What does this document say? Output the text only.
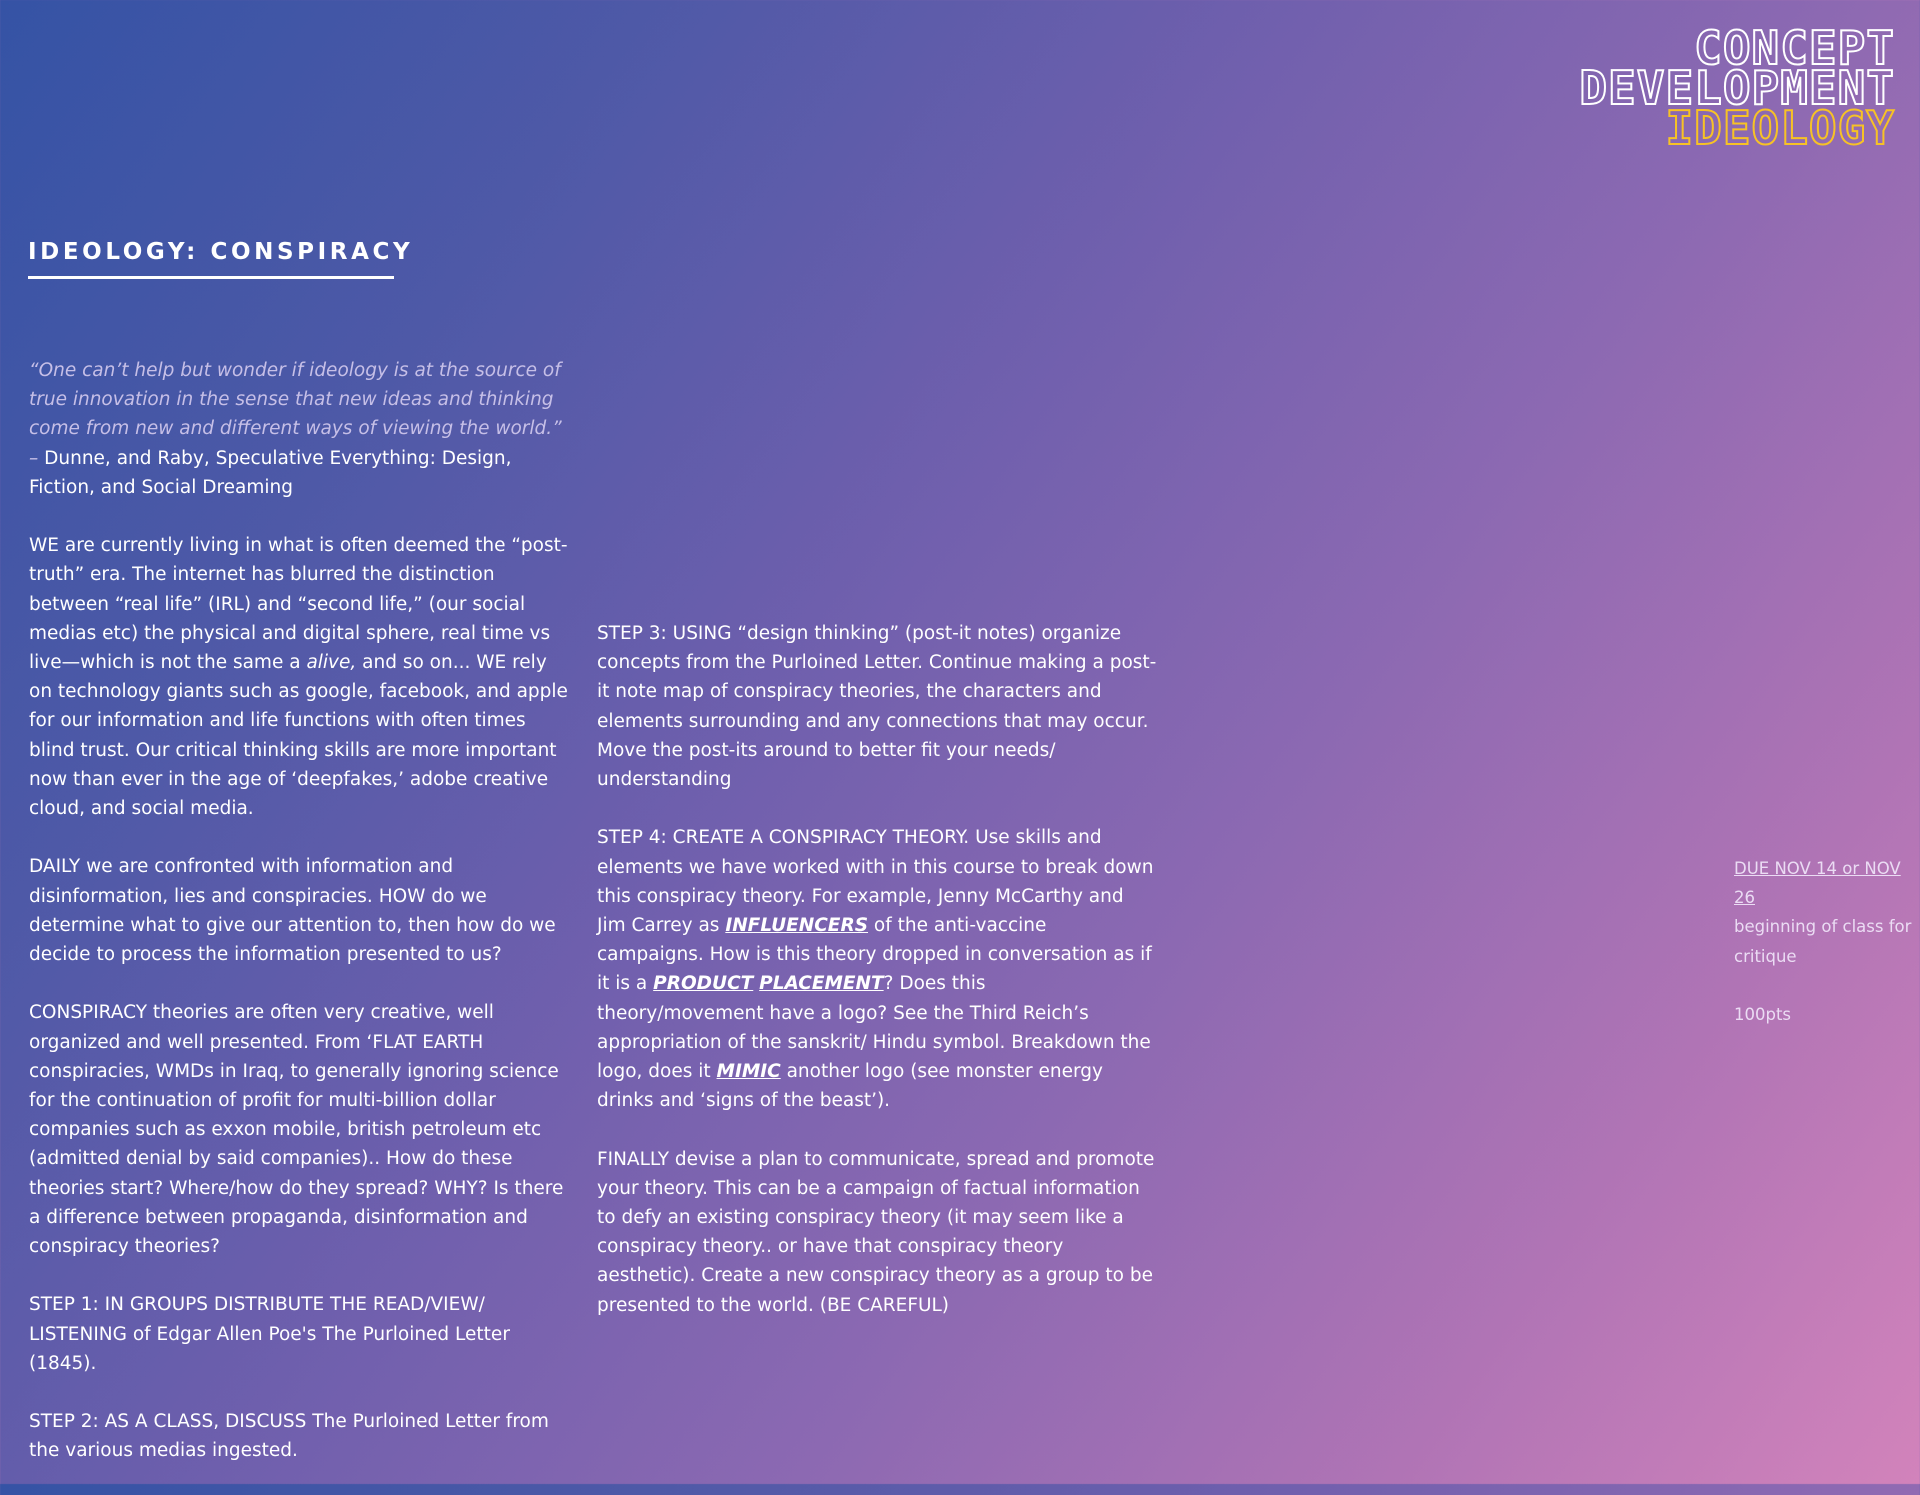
CONCEPT
DEVELOPMENT
IDEOLOGY
IDEOLOGY: CONSPIRACY

“One can’t help but wonder if ideology is at the source of true innovation in the sense that new ideas and thinking come from new and different ways of viewing the world.” – Dunne, and Raby, Speculative Everything: Design, Fiction, and Social Dreaming

WE are currently living in what is often deemed the “post-truth” era. The internet has blurred the distinction between “real life” (IRL) and “second life,” (our social medias etc) the physical and digital sphere, real time vs live—which is not the same a alive, and so on... WE rely on technology giants such as google, facebook, and apple for our information and life functions with often times blind trust. Our critical thinking skills are more important now than ever in the age of ‘deepfakes,’ adobe creative cloud, and social media.

DAILY we are confronted with information and disinformation, lies and conspiracies. HOW do we determine what to give our attention to, then how do we decide to process the information presented to us?

CONSPIRACY theories are often very creative, well organized and well presented. From ‘FLAT EARTH conspiracies, WMDs in Iraq, to generally ignoring science for the continuation of profit for multi-billion dollar companies such as exxon mobile, british petroleum etc (admitted denial by said companies).. How do these theories start? Where/how do they spread? WHY? Is there a difference between propaganda, disinformation and conspiracy theories?

STEP 1: IN GROUPS DISTRIBUTE THE READ/VIEW/ LISTENING of Edgar Allen Poe's The Purloined Letter (1845).

STEP 2: AS A CLASS, DISCUSS The Purloined Letter from the various medias ingested.

STEP 3: USING “design thinking” (post-it notes) organize concepts from the Purloined Letter. Continue making a post-it note map of conspiracy theories, the characters and elements surrounding and any connections that may occur. Move the post-its around to better fit your needs/ understanding

STEP 4: CREATE A CONSPIRACY THEORY. Use skills and elements we have worked with in this course to break down this conspiracy theory. For example, Jenny McCarthy and Jim Carrey as INFLUENCERS of the anti-vaccine campaigns. How is this theory dropped in conversation as if it is a PRODUCT PLACEMENT? Does this theory/movement have a logo? See the Third Reich’s appropriation of the sanskrit/ Hindu symbol. Breakdown the logo, does it MIMIC another logo (see monster energy drinks and ‘signs of the beast’).

FINALLY devise a plan to communicate, spread and promote your theory. This can be a campaign of factual information to defy an existing conspiracy theory (it may seem like a conspiracy theory.. or have that conspiracy theory aesthetic). Create a new conspiracy theory as a group to be presented to the world. (BE CAREFUL)

DUE NOV 14 or NOV 26
beginning of class for critique

100pts
